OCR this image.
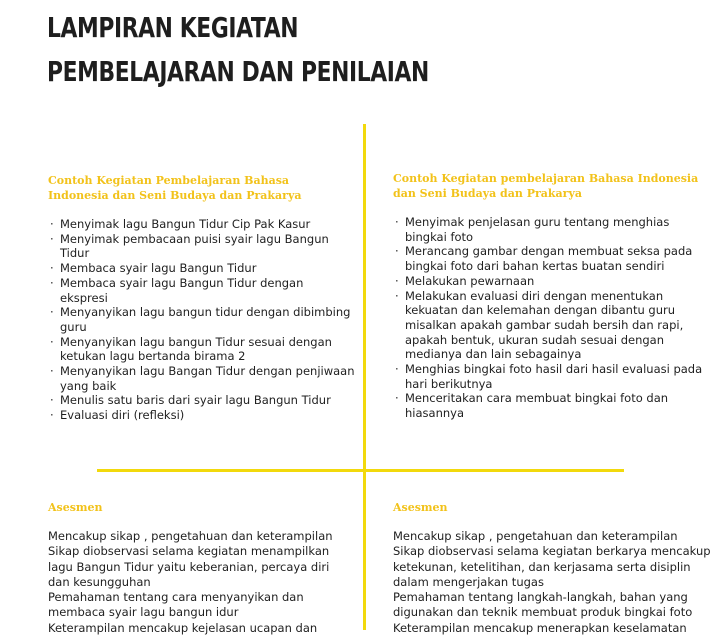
LAMPIRAN KEGIATAN
PEMBELAJARAN DAN PENILAIAN
Contoh Kegiatan Pembelajaran Bahasa
Indonesia dan Seni Budaya dan Prakarya
· Menyimak lagu Bangun Tidur Cip Pak Kasur
· Menyimak pembacaan puisi syair lagu Bangun
Tidur
· Membaca syair lagu Bangun Tidur
· Membaca syair lagu Bangun Tidur dengan
ekspresi
· Menyanyikan lagu bangun tidur dengan dibimbing
guru
· Menyanyikan lagu bangun Tidur sesuai dengan
ketukan lagu bertanda birama 2
· Menyanyikan lagu Bangan Tidur dengan penjiwaan
yang baik
· Menulis satu baris dari syair lagu Bangun Tidur
· Evaluasi diri (refleksi)
Contoh Kegiatan pembelajaran Bahasa Indonesia
dan Seni Budaya dan Prakarya
· Menyimak penjelasan guru tentang menghias
bingkai foto
· Merancang gambar dengan membuat seksa pada
bingkai foto dari bahan kertas buatan sendiri
· Melakukan pewarnaan
· Melakukan evaluasi diri dengan menentukan
kekuatan dan kelemahan dengan dibantu guru
misalkan apakah gambar sudah bersih dan rapi,
apakah bentuk, ukuran sudah sesuai dengan
medianya dan lain sebagainya
· Menghias bingkai foto hasil dari hasil evaluasi pada
hari berikutnya
· Menceritakan cara membuat bingkai foto dan
hiasannya
Asesmen
Mencakup sikap , pengetahuan dan keterampilan
Sikap diobservasi selama kegiatan menampilkan
lagu Bangun Tidur yaitu keberanian, percaya diri
dan kesungguhan
Pemahaman tentang cara menyanyikan dan
membaca syair lagu bangun idur
Keterampilan mencakup kejelasan ucapan dan
Asesmen
Mencakup sikap , pengetahuan dan keterampilan
Sikap diobservasi selama kegiatan berkarya mencakup
ketekunan, ketelitihan, dan kerjasama serta disiplin
dalam mengerjakan tugas
Pemahaman tentang langkah-langkah, bahan yang
digunakan dan teknik membuat produk bingkai foto
Keterampilan mencakup menerapkan keselamatan
